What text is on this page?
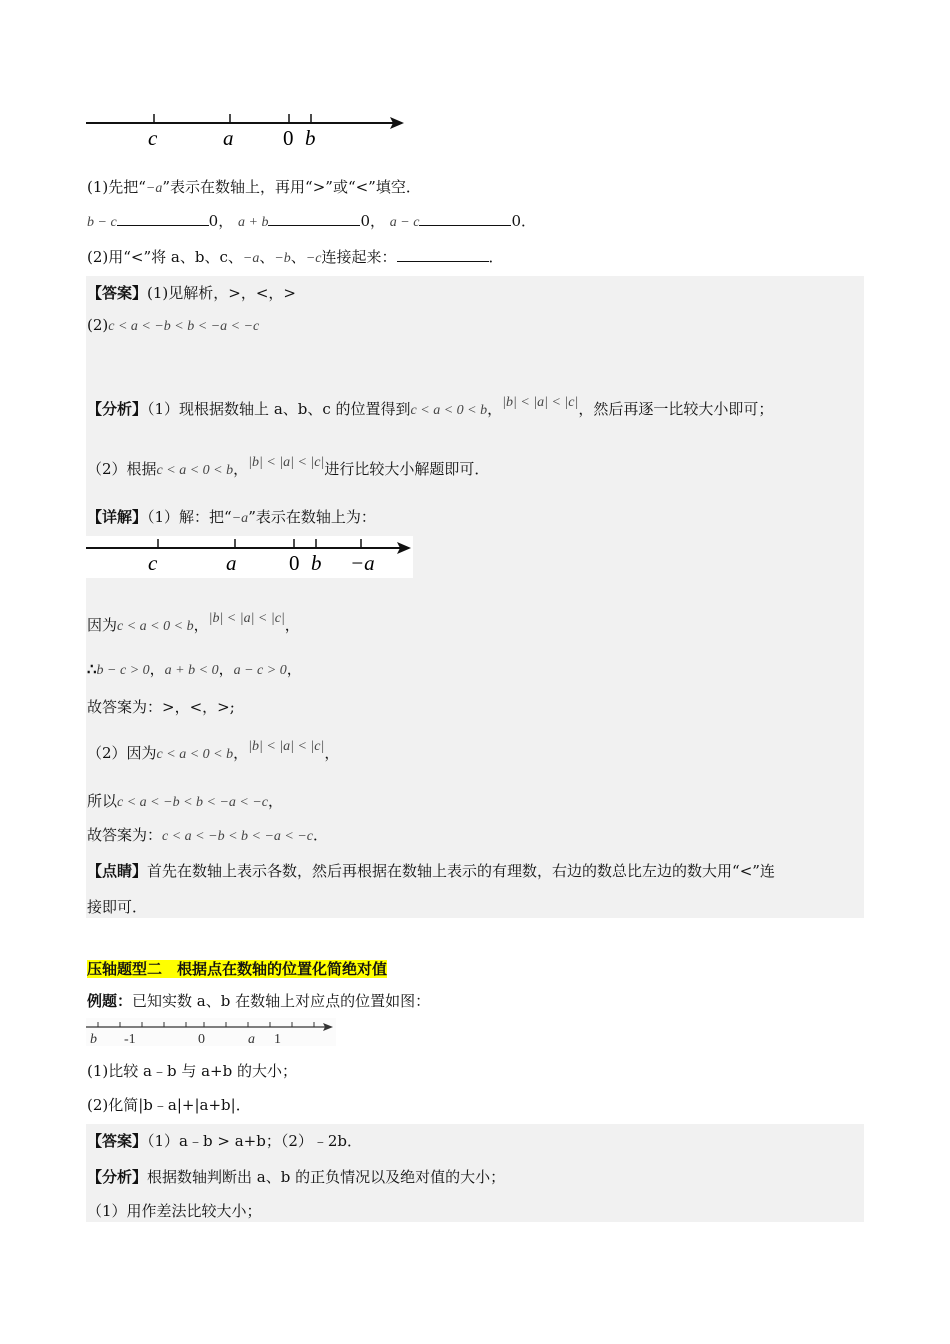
c	a 0 b
(1)先把“−a”表示在数轴上，再用“>”或“<”填空．
b − c	0， a + b	0， a − c	0．
(2)用“<”将 a、b、c、−a、−b、−c连接起来：	．
【答案】(1)见解析，>，<，>
(2)c < a < −b < b < −a < −c
【分析】（1）现根据数轴上 a、b、c 的位置得到c < a < 0 < b，|b| < |a| < |c|，然后再逐一比较大小即可；
（2）根据c < a < 0 < b，|b| < |a| < |c|进行比较大小解题即可．
【详解】（1）解：把“−a”表示在数轴上为：
c	a	0 b −a
因为c < a < 0 < b，|b| < |a| < |c|，
∴b − c > 0，a + b < 0，a − c > 0，
故答案为：>，<，>;
（2）因为c < a < 0 < b，|b| < |a| < |c|，
所以c < a < −b < b < −a < −c，
故答案为：c < a < −b < b < −a < −c．
【点睛】首先在数轴上表示各数，然后再根据在数轴上表示的有理数，右边的数总比左边的数大用“<”连
接即可．
压轴题型二　根据点在数轴的位置化简绝对值
例题：已知实数 a、b 在数轴上对应点的位置如图：
b -1	0	a 1
(1)比较 a﹣b 与 a+b 的大小；
(2)化简|b﹣a|+|a+b|．
【答案】（1）a﹣b > a+b；（2）﹣2b．
【分析】根据数轴判断出 a、b 的正负情况以及绝对值的大小；
（1）用作差法比较大小；
